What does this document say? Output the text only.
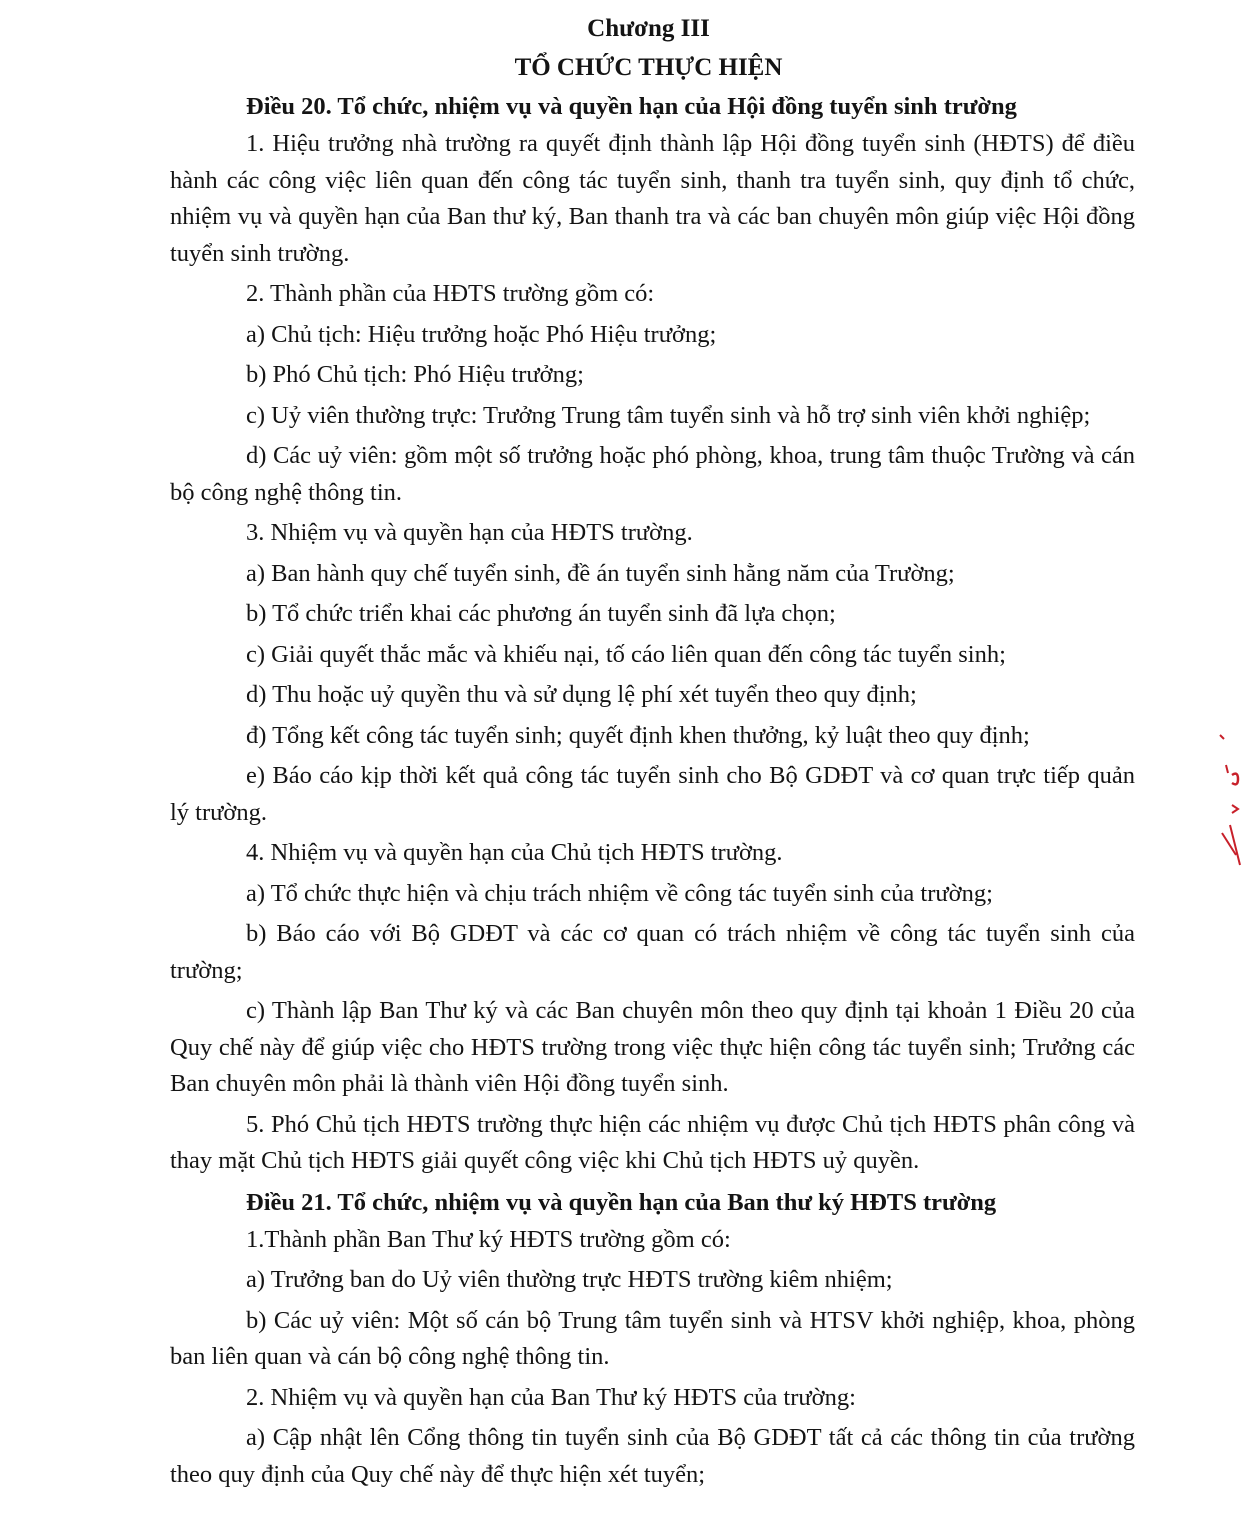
Chương III
TỔ CHỨC THỰC HIỆN
Điều 20. Tổ chức, nhiệm vụ và quyền hạn của Hội đồng tuyển sinh trường

1. Hiệu trưởng nhà trường ra quyết định thành lập Hội đồng tuyển sinh (HĐTS) để điều hành các công việc liên quan đến công tác tuyển sinh, thanh tra tuyển sinh, quy định tổ chức, nhiệm vụ và quyền hạn của Ban thư ký, Ban thanh tra và các ban chuyên môn giúp việc Hội đồng tuyển sinh trường.

2. Thành phần của HĐTS trường gồm có:

a) Chủ tịch: Hiệu trưởng hoặc Phó Hiệu trưởng;

b) Phó Chủ tịch: Phó Hiệu trưởng;

c) Uỷ viên thường trực: Trưởng Trung tâm tuyển sinh và hỗ trợ sinh viên khởi nghiệp;

d) Các uỷ viên: gồm một số trưởng hoặc phó phòng, khoa, trung tâm thuộc Trường và cán bộ công nghệ thông tin.

3. Nhiệm vụ và quyền hạn của HĐTS trường.

a) Ban hành quy chế tuyển sinh, đề án tuyển sinh hằng năm của Trường;

b) Tổ chức triển khai các phương án tuyển sinh đã lựa chọn;

c) Giải quyết thắc mắc và khiếu nại, tố cáo liên quan đến công tác tuyển sinh;

d) Thu hoặc uỷ quyền thu và sử dụng lệ phí xét tuyển theo quy định;

đ) Tổng kết công tác tuyển sinh; quyết định khen thưởng, kỷ luật theo quy định;

e) Báo cáo kịp thời kết quả công tác tuyển sinh cho Bộ GDĐT và cơ quan trực tiếp quản lý trường.

4. Nhiệm vụ và quyền hạn của Chủ tịch HĐTS trường.

a) Tổ chức thực hiện và chịu trách nhiệm về công tác tuyển sinh của trường;

b) Báo cáo với Bộ GDĐT và các cơ quan có trách nhiệm về công tác tuyển sinh của trường;

c) Thành lập Ban Thư ký và các Ban chuyên môn theo quy định tại khoản 1 Điều 20 của Quy chế này để giúp việc cho HĐTS trường trong việc thực hiện công tác tuyển sinh; Trưởng các Ban chuyên môn phải là thành viên Hội đồng tuyển sinh.

5. Phó Chủ tịch HĐTS trường thực hiện các nhiệm vụ được Chủ tịch HĐTS phân công và thay mặt Chủ tịch HĐTS giải quyết công việc khi Chủ tịch HĐTS uỷ quyền.

Điều 21. Tổ chức, nhiệm vụ và quyền hạn của Ban thư ký HĐTS trường

1.Thành phần Ban Thư ký HĐTS trường gồm có:

a) Trưởng ban do Uỷ viên thường trực HĐTS trường kiêm nhiệm;

b) Các uỷ viên: Một số cán bộ Trung tâm tuyển sinh và HTSV khởi nghiệp, khoa, phòng ban liên quan và cán bộ công nghệ thông tin.

2. Nhiệm vụ và quyền hạn của Ban Thư ký HĐTS của trường:

a) Cập nhật lên Cổng thông tin tuyển sinh của Bộ GDĐT tất cả các thông tin của trường theo quy định của Quy chế này để thực hiện xét tuyển;
